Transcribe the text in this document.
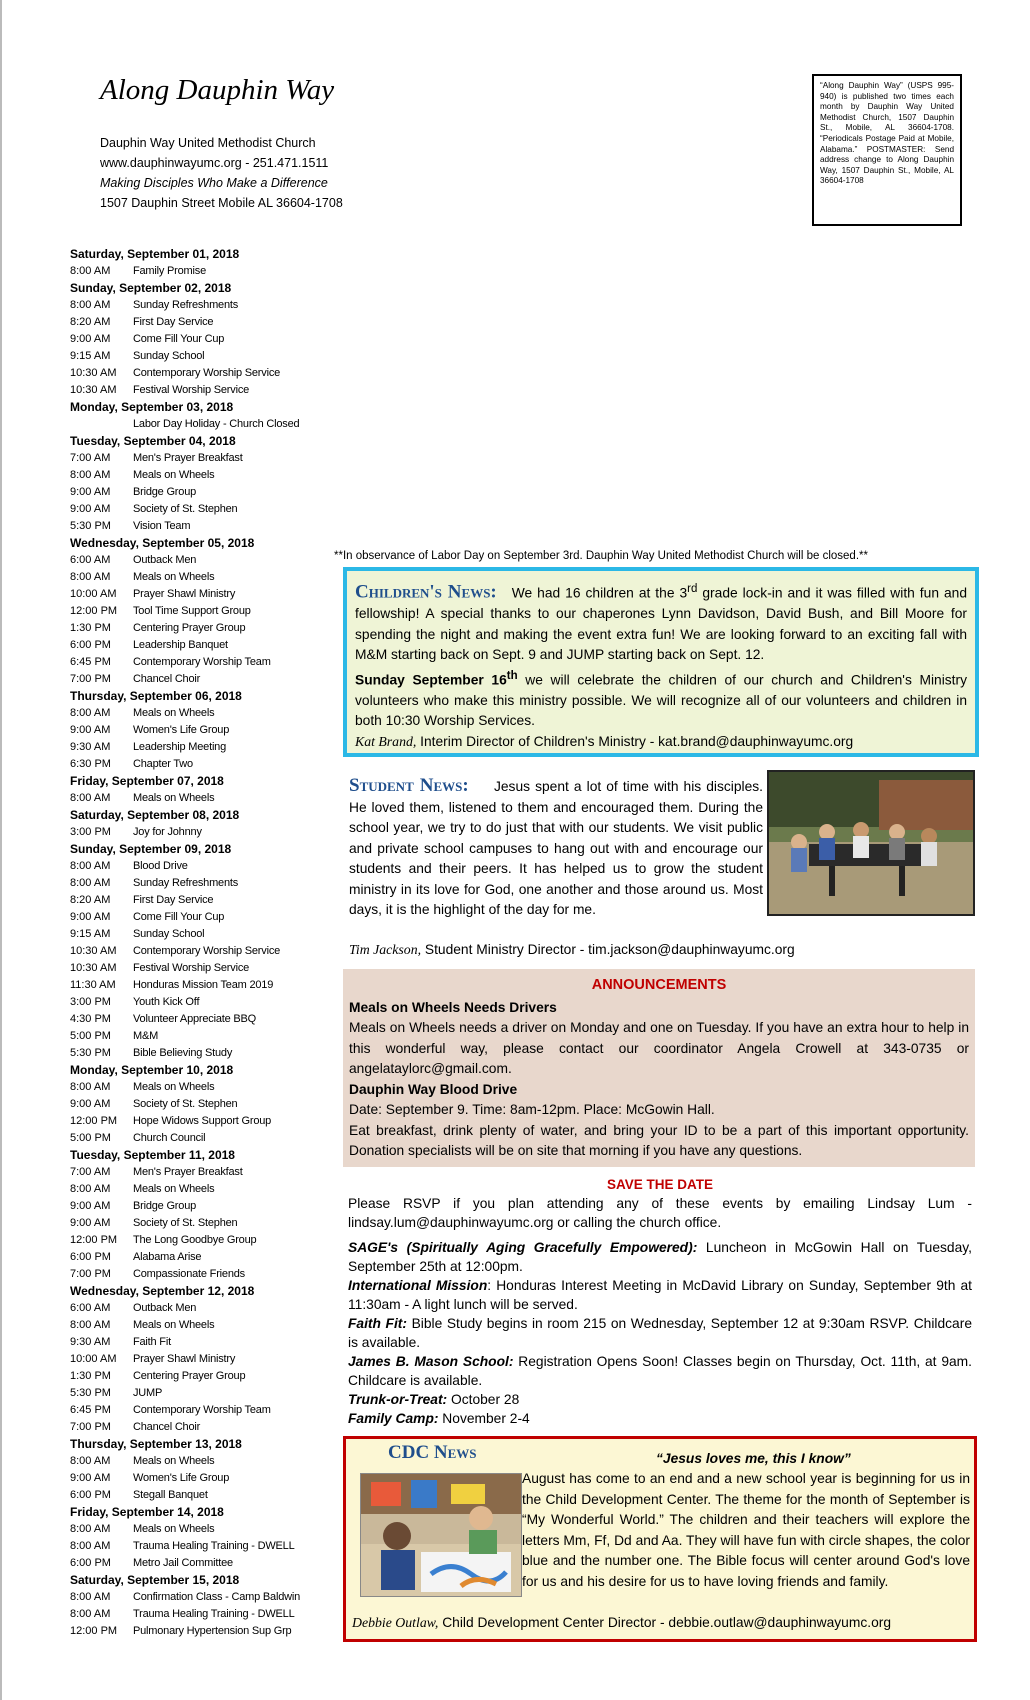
Along Dauphin Way
Dauphin Way United Methodist Church
www.dauphinwayumc.org - 251.471.1511
Making Disciples Who Make a Difference
1507 Dauphin Street Mobile AL 36604-1708
“Along Dauphin Way” (USPS 995-940) is published two times each month by Dauphin Way United Methodist Church, 1507 Dauphin St., Mobile, AL 36604-1708. “Periodicals Postage Paid at Mobile, Alabama.” POSTMASTER: Send address change to Along Dauphin Way, 1507 Dauphin St., Mobile, AL 36604-1708
Saturday, September 01, 2018
8:00 AM	Family Promise
Sunday, September 02, 2018
8:00 AM	Sunday Refreshments
8:20 AM	First Day Service
9:00 AM	Come Fill Your Cup
9:15 AM	Sunday School
10:30 AM	Contemporary Worship Service
10:30 AM	Festival Worship Service
Monday, September 03, 2018
Labor Day Holiday - Church Closed
Tuesday, September 04, 2018
7:00 AM	Men's Prayer Breakfast
8:00 AM	Meals on Wheels
9:00 AM	Bridge Group
9:00 AM	Society of St. Stephen
5:30 PM	Vision Team
Wednesday, September 05, 2018
6:00 AM	Outback Men
8:00 AM	Meals on Wheels
10:00 AM	Prayer Shawl Ministry
12:00 PM	Tool Time Support Group
1:30 PM	Centering Prayer Group
6:00 PM	Leadership Banquet
6:45 PM	Contemporary Worship Team
7:00 PM	Chancel Choir
Thursday, September 06, 2018
8:00 AM	Meals on Wheels
9:00 AM	Women's Life Group
9:30 AM	Leadership Meeting
6:30 PM	Chapter Two
Friday, September 07, 2018
8:00 AM	Meals on Wheels
Saturday, September 08, 2018
3:00 PM	Joy for Johnny
Sunday, September 09, 2018
8:00 AM	Blood Drive
8:00 AM	Sunday Refreshments
8:20 AM	First Day Service
9:00 AM	Come Fill Your Cup
9:15 AM	Sunday School
10:30 AM	Contemporary Worship Service
10:30 AM	Festival Worship Service
11:30 AM	Honduras Mission Team 2019
3:00 PM	Youth Kick Off
4:30 PM	Volunteer Appreciate BBQ
5:00 PM	M&M
5:30 PM	Bible Believing Study
Monday, September 10, 2018
8:00 AM	Meals on Wheels
9:00 AM	Society of St. Stephen
12:00 PM	Hope Widows Support Group
5:00 PM	Church Council
Tuesday, September 11, 2018
7:00 AM	Men's Prayer Breakfast
8:00 AM	Meals on Wheels
9:00 AM	Bridge Group
9:00 AM	Society of St. Stephen
12:00 PM	The Long Goodbye Group
6:00 PM	Alabama Arise
7:00 PM	Compassionate Friends
Wednesday, September 12, 2018
6:00 AM	Outback Men
8:00 AM	Meals on Wheels
9:30 AM	Faith Fit
10:00 AM	Prayer Shawl Ministry
1:30 PM	Centering Prayer Group
5:30 PM	JUMP
6:45 PM	Contemporary Worship Team
7:00 PM	Chancel Choir
Thursday, September 13, 2018
8:00 AM	Meals on Wheels
9:00 AM	Women's Life Group
6:00 PM	Stegall Banquet
Friday, September 14, 2018
8:00 AM	Meals on Wheels
8:00 AM	Trauma Healing Training - DWELL
6:00 PM	Metro Jail Committee
Saturday, September 15, 2018
8:00 AM	Confirmation Class - Camp Baldwin
8:00 AM	Trauma Healing Training - DWELL
12:00 PM	Pulmonary Hypertension Sup Grp
**In observance of Labor Day on September 3rd. Dauphin Way United Methodist Church will be closed.**
Children's News: We had 16 children at the 3rd grade lock-in and it was filled with fun and fellowship! A special thanks to our chaperones Lynn Davidson, David Bush, and Bill Moore for spending the night and making the event extra fun! We are looking forward to an exciting fall with M&M starting back on Sept. 9 and JUMP starting back on Sept. 12.
Sunday September 16th we will celebrate the children of our church and Children's Ministry volunteers who make this ministry possible. We will recognize all of our volunteers and children in both 10:30 Worship Services.
Kat Brand, Interim Director of Children's Ministry - kat.brand@dauphinwayumc.org
Student News: Jesus spent a lot of time with his disciples. He loved them, listened to them and encouraged them. During the school year, we try to do just that with our students. We visit public and private school campuses to hang out with and encourage our students and their peers. It has helped us to grow the student ministry in its love for God, one another and those around us. Most days, it is the highlight of the day for me.
Tim Jackson, Student Ministry Director - tim.jackson@dauphinwayumc.org
ANNOUNCEMENTS
Meals on Wheels Needs Drivers
Meals on Wheels needs a driver on Monday and one on Tuesday. If you have an extra hour to help in this wonderful way, please contact our coordinator Angela Crowell at 343-0735 or angelataylorc@gmail.com.
Dauphin Way Blood Drive
Date: September 9. Time: 8am-12pm. Place: McGowin Hall.
Eat breakfast, drink plenty of water, and bring your ID to be a part of this important opportunity. Donation specialists will be on site that morning if you have any questions.
SAVE THE DATE
Please RSVP if you plan attending any of these events by emailing Lindsay Lum - lindsay.lum@dauphinwayumc.org or calling the church office.
SAGE's (Spiritually Aging Gracefully Empowered): Luncheon in McGowin Hall on Tuesday, September 25th at 12:00pm.
International Mission: Honduras Interest Meeting in McDavid Library on Sunday, September 9th at 11:30am - A light lunch will be served.
Faith Fit: Bible Study begins in room 215 on Wednesday, September 12 at 9:30am RSVP. Childcare is available.
James B. Mason School: Registration Opens Soon! Classes begin on Thursday, Oct. 11th, at 9am. Childcare is available.
Trunk-or-Treat: October 28
Family Camp: November 2-4
CDC News	“Jesus loves me, this I know”
August has come to an end and a new school year is beginning for us in the Child Development Center. The theme for the month of September is “My Wonderful World.” The children and their teachers will explore the letters Mm, Ff, Dd and Aa. They will have fun with circle shapes, the color blue and the number one. The Bible focus will center around God's love for us and his desire for us to have loving friends and family.
Debbie Outlaw, Child Development Center Director - debbie.outlaw@dauphinwayumc.org
